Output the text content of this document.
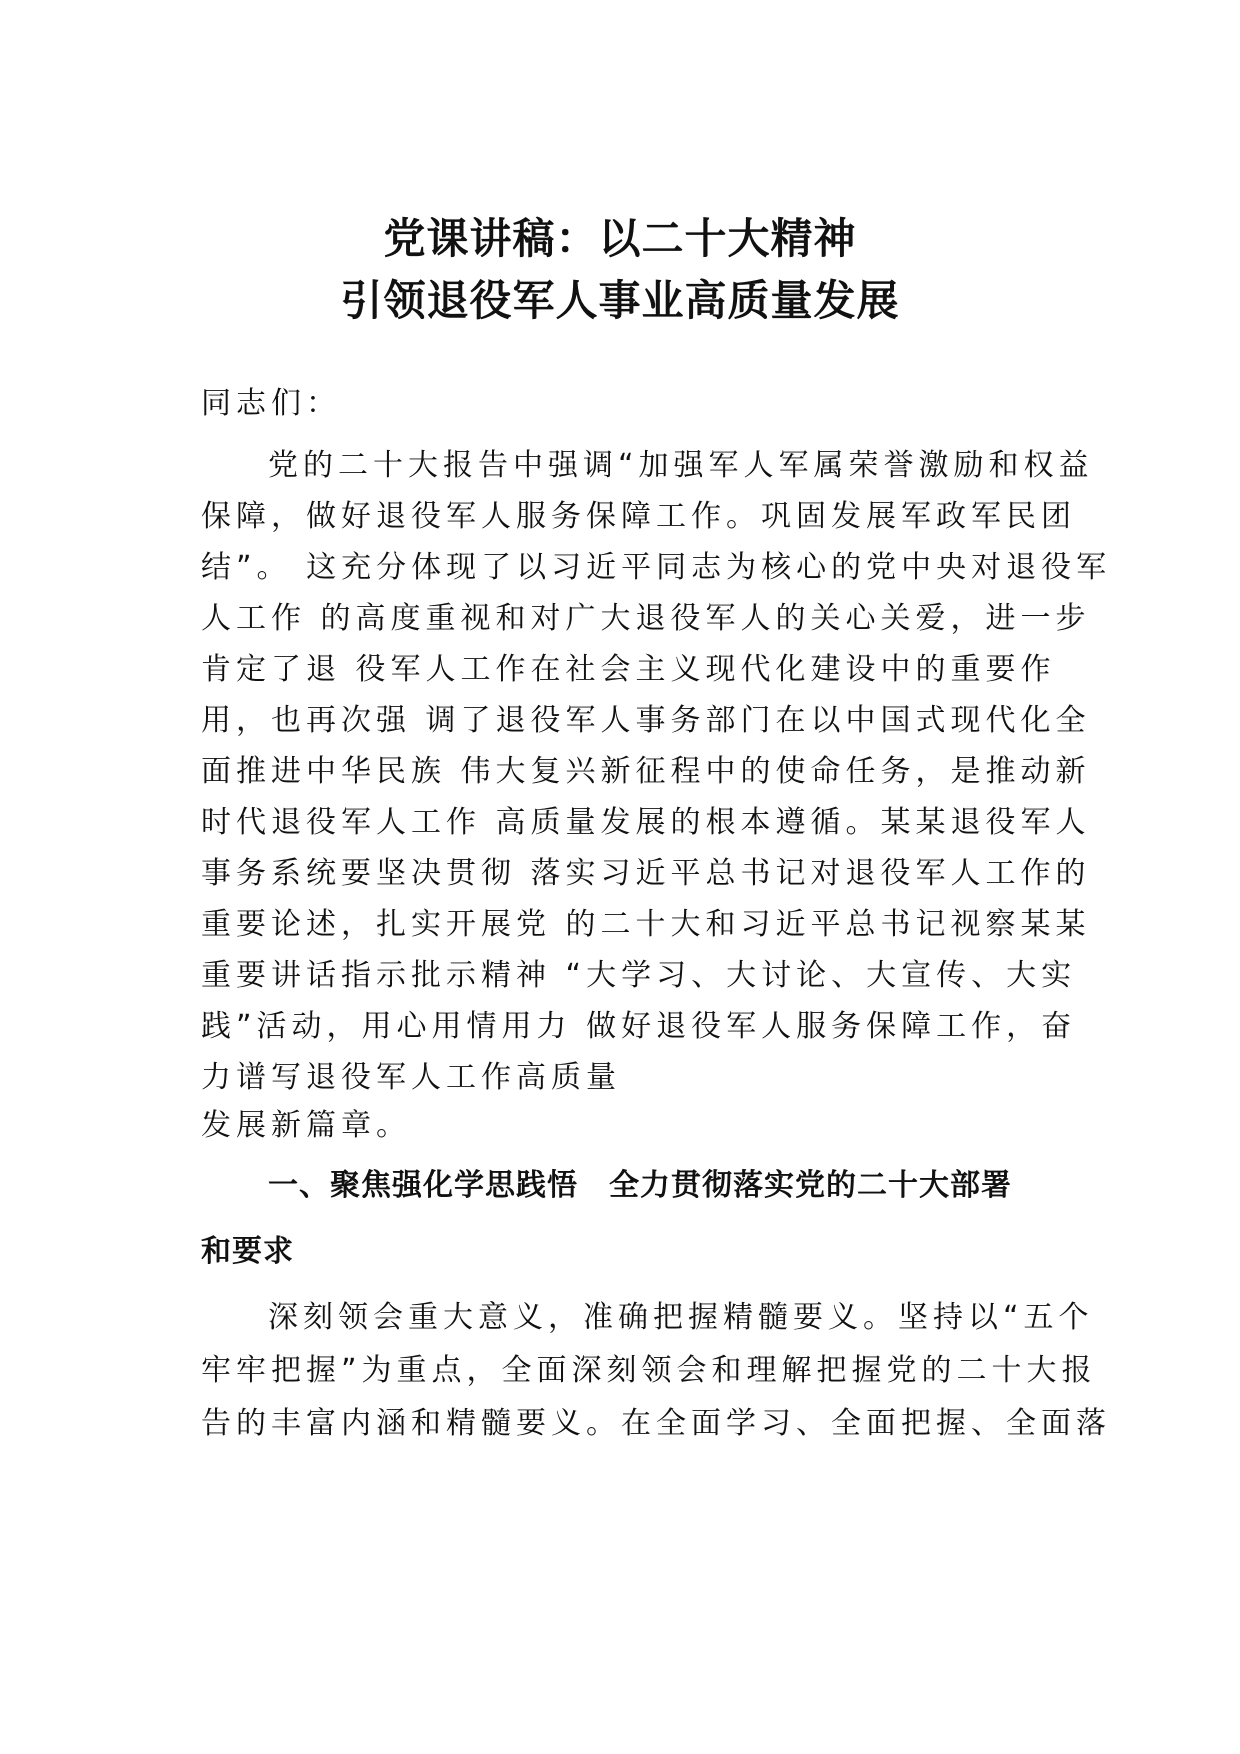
党课讲稿：以二十大精神
引领退役军人事业高质量发展
同志们：
党的二十大报告中强调“加强军人军属荣誉激励和权益
保障，做好退役军人服务保障工作。巩固发展军政军民团
结”。 这充分体现了以习近平同志为核心的党中央对退役军
人工作 的高度重视和对广大退役军人的关心关爱，进一步
肯定了退 役军人工作在社会主义现代化建设中的重要作
用，也再次强 调了退役军人事务部门在以中国式现代化全
面推进中华民族 伟大复兴新征程中的使命任务，是推动新
时代退役军人工作 高质量发展的根本遵循。某某退役军人
事务系统要坚决贯彻 落实习近平总书记对退役军人工作的
重要论述，扎实开展党 的二十大和习近平总书记视察某某
重要讲话指示批示精神 “大学习、大讨论、大宣传、大实
践”活动，用心用情用力 做好退役军人服务保障工作，奋
力谱写退役军人工作高质量
发展新篇章。
一、聚焦强化学思践悟　全力贯彻落实党的二十大部署
和要求
深刻领会重大意义，准确把握精髓要义。坚持以“五个
牢牢把握”为重点，全面深刻领会和理解把握党的二十大报
告的丰富内涵和精髓要义。在全面学习、全面把握、全面落
